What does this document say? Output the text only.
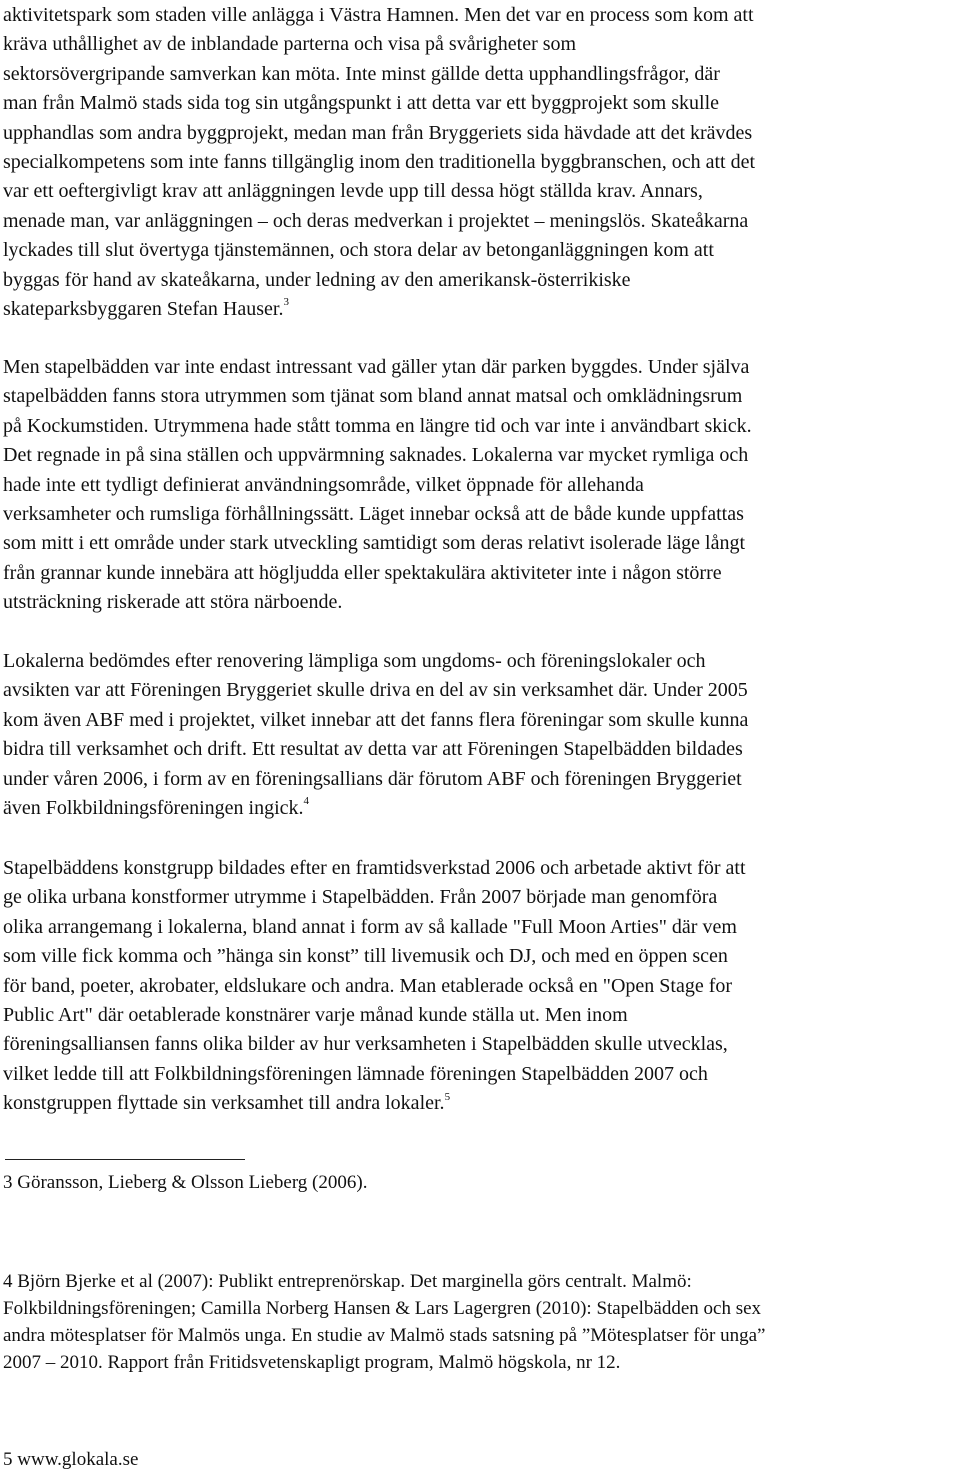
aktivitetspark som staden ville anlägga i Västra Hamnen. Men det var en process som kom att
kräva uthållighet av de inblandade parterna och visa på svårigheter som
sektorsövergripande samverkan kan möta. Inte minst gällde detta upphandlingsfrågor, där
man från Malmö stads sida tog sin utgångspunkt i att detta var ett byggprojekt som skulle
upphandlas som andra byggprojekt, medan man från Bryggeriets sida hävdade att det krävdes
specialkompetens som inte fanns tillgänglig inom den traditionella byggbranschen, och att det
var ett oeftergivligt krav att anläggningen levde upp till dessa högt ställda krav. Annars,
menade man, var anläggningen – och deras medverkan i projektet – meningslös. Skateåkarna
lyckades till slut övertyga tjänstemännen, och stora delar av betonganläggningen kom att
byggas för hand av skateåkarna, under ledning av den amerikansk-österrikiske
skateparksbyggaren Stefan Hauser.$^3$

Men stapelbädden var inte endast intressant vad gäller ytan där parken byggdes. Under själva
stapelbädden fanns stora utrymmen som tjänat som bland annat matsal och omklädningsrum
på Kockumstiden. Utrymmena hade stått tomma en längre tid och var inte i användbart skick.
Det regnade in på sina ställen och uppvärmning saknades. Lokalerna var mycket rymliga och
hade inte ett tydligt definierat användningsområde, vilket öppnade för allehanda
verksamheter och rumsliga förhållningssätt. Läget innebar också att de både kunde uppfattas
som mitt i ett område under stark utveckling samtidigt som deras relativt isolerade läge långt
från grannar kunde innebära att högljudda eller spektakulära aktiviteter inte i någon större
utsträckning riskerade att störa närboende.

Lokalerna bedömdes efter renovering lämpliga som ungdoms- och föreningslokaler och
avsikten var att Föreningen Bryggeriet skulle driva en del av sin verksamhet där. Under 2005
kom även ABF med i projektet, vilket innebar att det fanns flera föreningar som skulle kunna
bidra till verksamhet och drift. Ett resultat av detta var att Föreningen Stapelbädden bildades
under våren 2006, i form av en föreningsallians där förutom ABF och föreningen Bryggeriet
även Folkbildningsföreningen ingick.$^4$

Stapelbäddens konstgrupp bildades efter en framtidsverkstad 2006 och arbetade aktivt för att
ge olika urbana konstformer utrymme i Stapelbädden. Från 2007 började man genomföra
olika arrangemang i lokalerna, bland annat i form av så kallade "Full Moon Arties" där vem
som ville fick komma och ”hänga sin konst” till livemusik och DJ, och med en öppen scen
för band, poeter, akrobater, eldslukare och andra. Man etablerade också en "Open Stage for
Public Art" där oetablerade konstnärer varje månad kunde ställa ut. Men inom
föreningsalliansen fanns olika bilder av hur verksamheten i Stapelbädden skulle utvecklas,
vilket ledde till att Folkbildningsföreningen lämnade föreningen Stapelbädden 2007 och
konstgruppen flyttade sin verksamhet till andra lokaler.$^5$

3 Göransson, Lieberg & Olsson Lieberg (2006).

4 Björn Bjerke et al (2007): Publikt entreprenörskap. Det marginella görs centralt. Malmö:
Folkbildningsföreningen; Camilla Norberg Hansen & Lars Lagergren (2010): Stapelbädden och sex
andra mötesplatser för Malmös unga. En studie av Malmö stads satsning på ”Mötesplatser för unga”
2007 – 2010. Rapport från Fritidsvetenskapligt program, Malmö högskola, nr 12.

5 www.glokala.se
